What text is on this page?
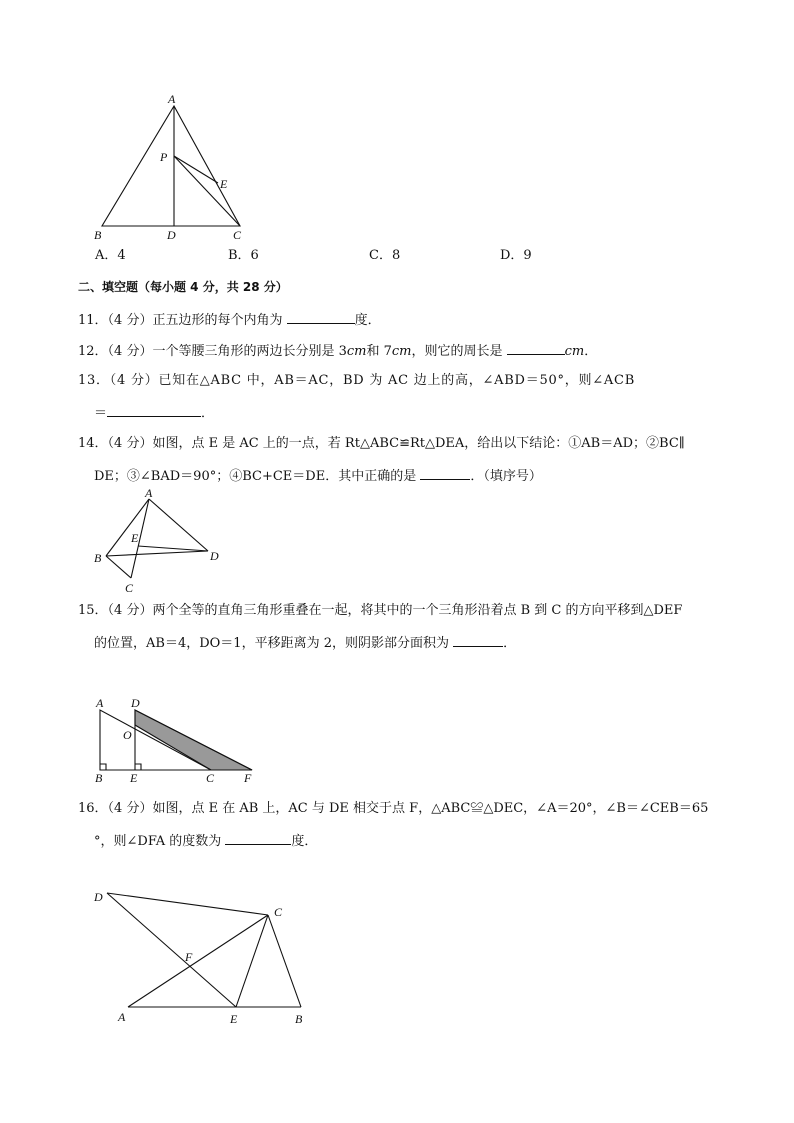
A
P
E
B	D	C
A．4	B．6	C．8	D．9
二、填空题（每小题 4 分，共 28 分）
11．（4 分）正五边形的每个内角为	度．
12．（4 分）一个等腰三角形的两边长分别是 3cm和 7cm，则它的周长是	cm．
13．（4 分）已知在△ABC 中，AB＝AC，BD 为 AC 边上的高，∠ABD＝50°，则∠ACB
＝	．
14．（4 分）如图，点 E 是 AC 上的一点，若 Rt△ABC≌Rt△DEA，给出以下结论：①AB＝AD；②BC∥
DE；③∠BAD＝90°；④BC+CE＝DE．其中正确的是	．（填序号）
A
E
B	D
C
15．（4 分）两个全等的直角三角形重叠在一起，将其中的一个三角形沿着点 B 到 C 的方向平移到△DEF
的位置，AB＝4，DO＝1，平移距离为 2，则阴影部分面积为	．
A D
O
B E	C F
16．（4 分）如图，点 E 在 AB 上，AC 与 DE 相交于点 F，△ABC≌△DEC，∠A＝20°，∠B＝∠CEB＝65
°，则∠DFA 的度数为	度．
D
C
F
A	E	B
